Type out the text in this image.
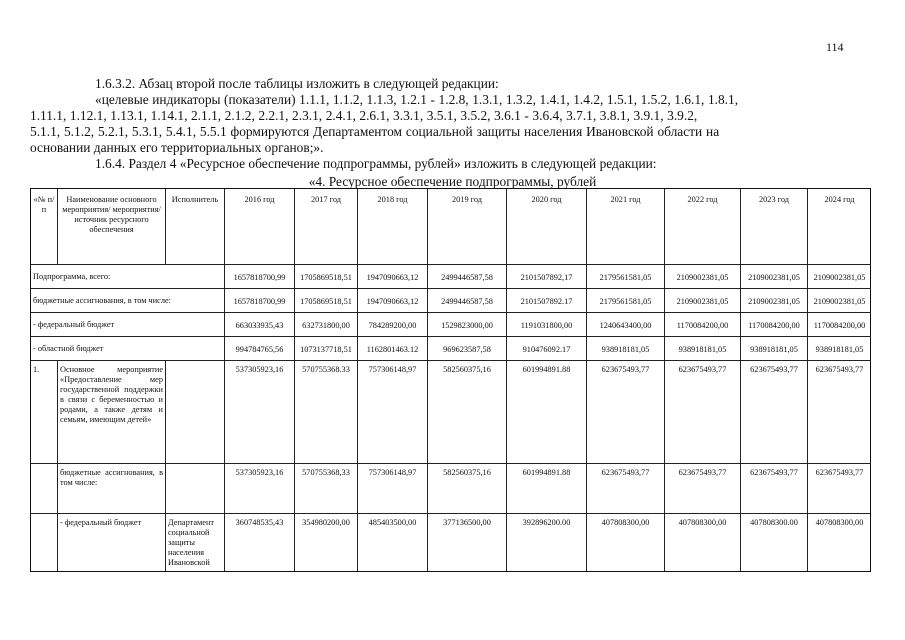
114
1.6.3.2. Абзац второй после таблицы изложить в следующей редакции:
«целевые индикаторы (показатели) 1.1.1, 1.1.2, 1.1.3, 1.2.1 - 1.2.8, 1.3.1, 1.3.2, 1.4.1, 1.4.2, 1.5.1, 1.5.2, 1.6.1, 1.8.1,
1.11.1, 1.12.1, 1.13.1, 1.14.1, 2.1.1, 2.1.2, 2.2.1, 2.3.1, 2.4.1, 2.6.1, 3.3.1, 3.5.1, 3.5.2, 3.6.1 - 3.6.4, 3.7.1, 3.8.1, 3.9.1, 3.9.2,
5.1.1, 5.1.2, 5.2.1, 5.3.1, 5.4.1, 5.5.1 формируются Департаментом социальной защиты населения Ивановской области на
основании данных его территориальных органов;».
1.6.4. Раздел 4 «Ресурсное обеспечение подпрограммы, рублей» изложить в следующей редакции:
«4. Ресурсное обеспечение подпрограммы, рублей
«№ п/п	Наименование основного мероприятия/ мероприятия/ источник ресурсного обеспечения	Исполнитель	2016 год	2017 год	2018 год	2019 год	2020 год	2021 год	2022 год	2023 год	2024 год
Подпрограмма, всего:			1657818700,99	1705869518,51	1947090663,12	2499446587,58	2101507892,17	2179561581,05	2109002381,05	2109002381,05	2109002381,05
бюджетные ассигнования, в том числе:			1657818700,99	1705869518,51	1947090663,12	2499446587,58	2101507892.17	2179561581,05	2109002381,05	2109002381,05	2109002381,05
- федеральный бюджет			663033935,43	632731800,00	784289200,00	1529823000,00	1191031800,00	1240643400,00	1170084200,00	1170084200,00	1170084200,00
- областной бюджет			994784765,56	1073137718,51	1162801463.12	969623587,58	910476092.17	938918181,05	938918181,05	938918181,05	938918181,05
1.	Основное мероприятие «Предоставление мер государственной поддержки в связи с беременностью и родами, а также детям и семьям, имеющим детей»		537305923,16	570755368.33	757306148,97	582560375,16	601994891.88	623675493,77	623675493,77	623675493,77	623675493,77
	бюджетные ассигнования, в том числе:		537305923,16	570755368,33	757306148,97	582560375,16	601994891.88	623675493,77	623675493,77	623675493,77	623675493,77
	- федеральный бюджет	Департамент социальной защиты населения Ивановской	360748535,43	354980200,00	485403500,00	377136500,00	392896200.00	407808300,00	407808300,00	407808300.00	407808300,00
